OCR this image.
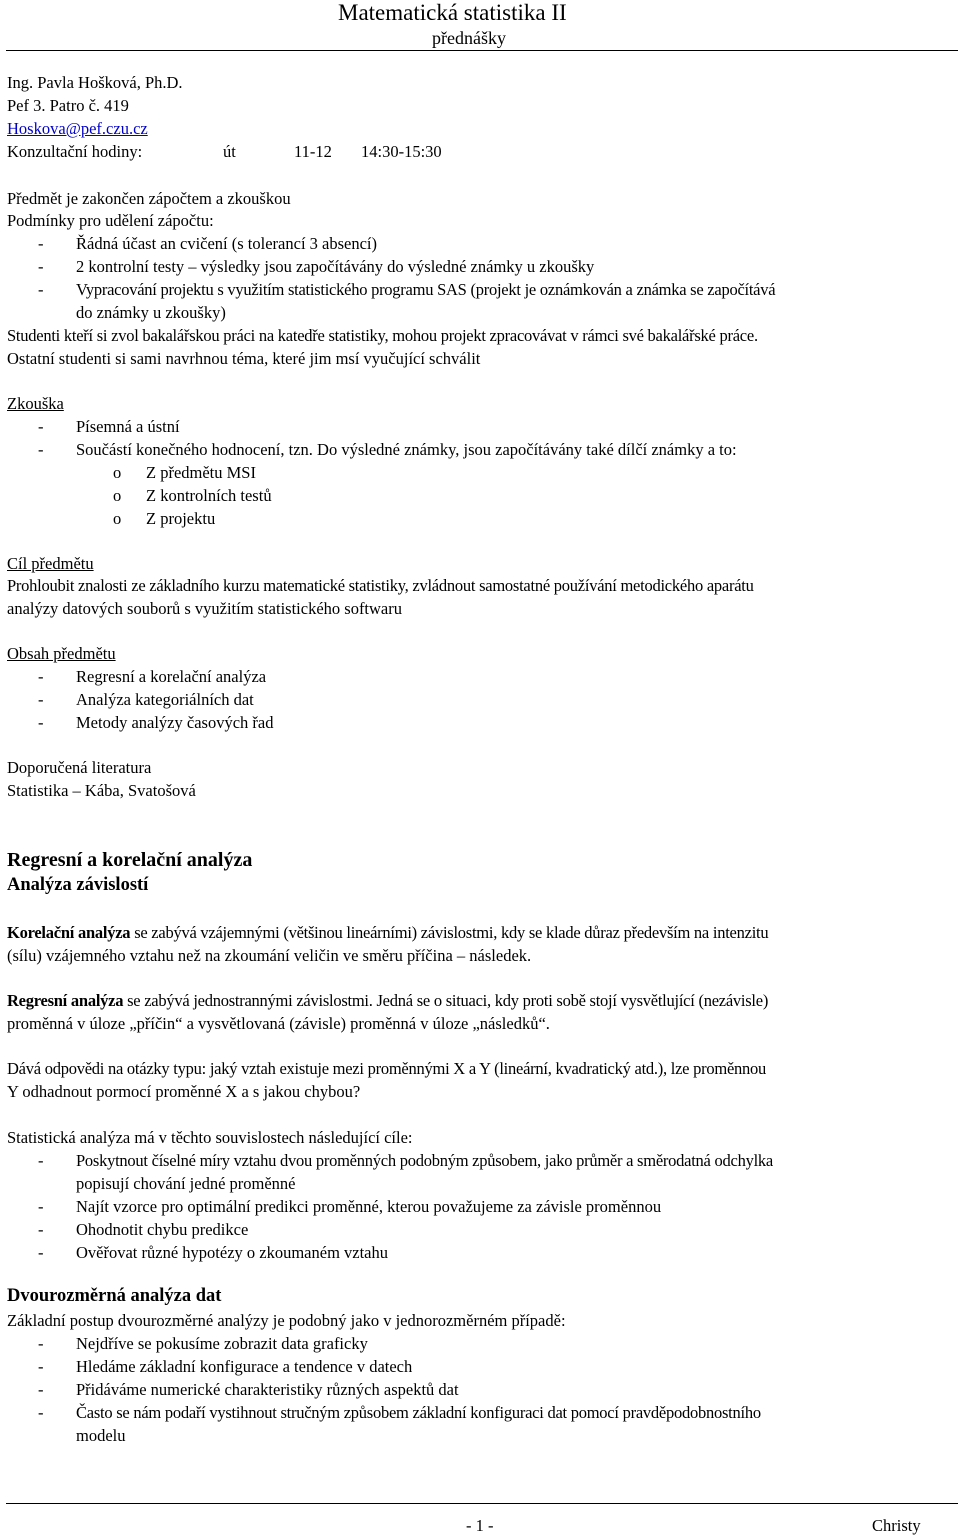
Matematická statistika II
přednášky
Ing. Pavla Hošková, Ph.D.
Pef 3. Patro č. 419
Hoskova@pef.czu.cz
Konzultační hodiny:	út	11-12 14:30-15:30
Předmět je zakončen zápočtem a zkouškou
Podmínky pro udělení zápočtu:
- Řádná účast an cvičení (s tolerancí 3 absencí)
- 2 kontrolní testy – výsledky jsou započítávány do výsledné známky u zkoušky
- Vypracování projektu s využitím statistického programu SAS (projekt je oznámkován a známka se započítává
do známky u zkoušky)
Studenti kteří si zvol bakalářskou práci na katedře statistiky, mohou projekt zpracovávat v rámci své bakalářské práce.
Ostatní studenti si sami navrhnou téma, které jim msí vyučující schválit
Zkouška
- Písemná a ústní
- Součástí konečného hodnocení, tzn. Do výsledné známky, jsou započítávány také dílčí známky a to:
o Z předmětu MSI
o Z kontrolních testů
o Z projektu
Cíl předmětu
Prohloubit znalosti ze základního kurzu matematické statistiky, zvládnout samostatné používání metodického aparátu
analýzy datových souborů s využitím statistického softwaru
Obsah předmětu
- Regresní a korelační analýza
- Analýza kategoriálních dat
- Metody analýzy časových řad
Doporučená literatura
Statistika – Kába, Svatošová
Regresní a korelační analýza
Analýza závislostí
Korelační analýza se zabývá vzájemnými (většinou lineárními) závislostmi, kdy se klade důraz především na intenzitu
(sílu) vzájemného vztahu než na zkoumání veličin ve směru příčina – následek.
Regresní analýza se zabývá jednostrannými závislostmi. Jedná se o situaci, kdy proti sobě stojí vysvětlující (nezávisle)
proměnná v úloze „příčin“ a vysvětlovaná (závisle) proměnná v úloze „následků“.
Dává odpovědi na otázky typu: jaký vztah existuje mezi proměnnými X a Y (lineární, kvadratický atd.), lze proměnnou
Y odhadnout pormocí proměnné X a s jakou chybou?
Statistická analýza má v těchto souvislostech následující cíle:
- Poskytnout číselné míry vztahu dvou proměnných podobným způsobem, jako průměr a směrodatná odchylka
popisují chování jedné proměnné
- Najít vzorce pro optimální predikci proměnné, kterou považujeme za závisle proměnnou
- Ohodnotit chybu predikce
- Ověřovat různé hypotézy o zkoumaném vztahu
Dvourozměrná analýza dat
Základní postup dvourozměrné analýzy je podobný jako v jednorozměrném případě:
- Nejdříve se pokusíme zobrazit data graficky
- Hledáme základní konfigurace a tendence v datech
- Přidáváme numerické charakteristiky různých aspektů dat
- Často se nám podaří vystihnout stručným způsobem základní konfiguraci dat pomocí pravděpodobnostního
modelu
- 1 -	Christy
